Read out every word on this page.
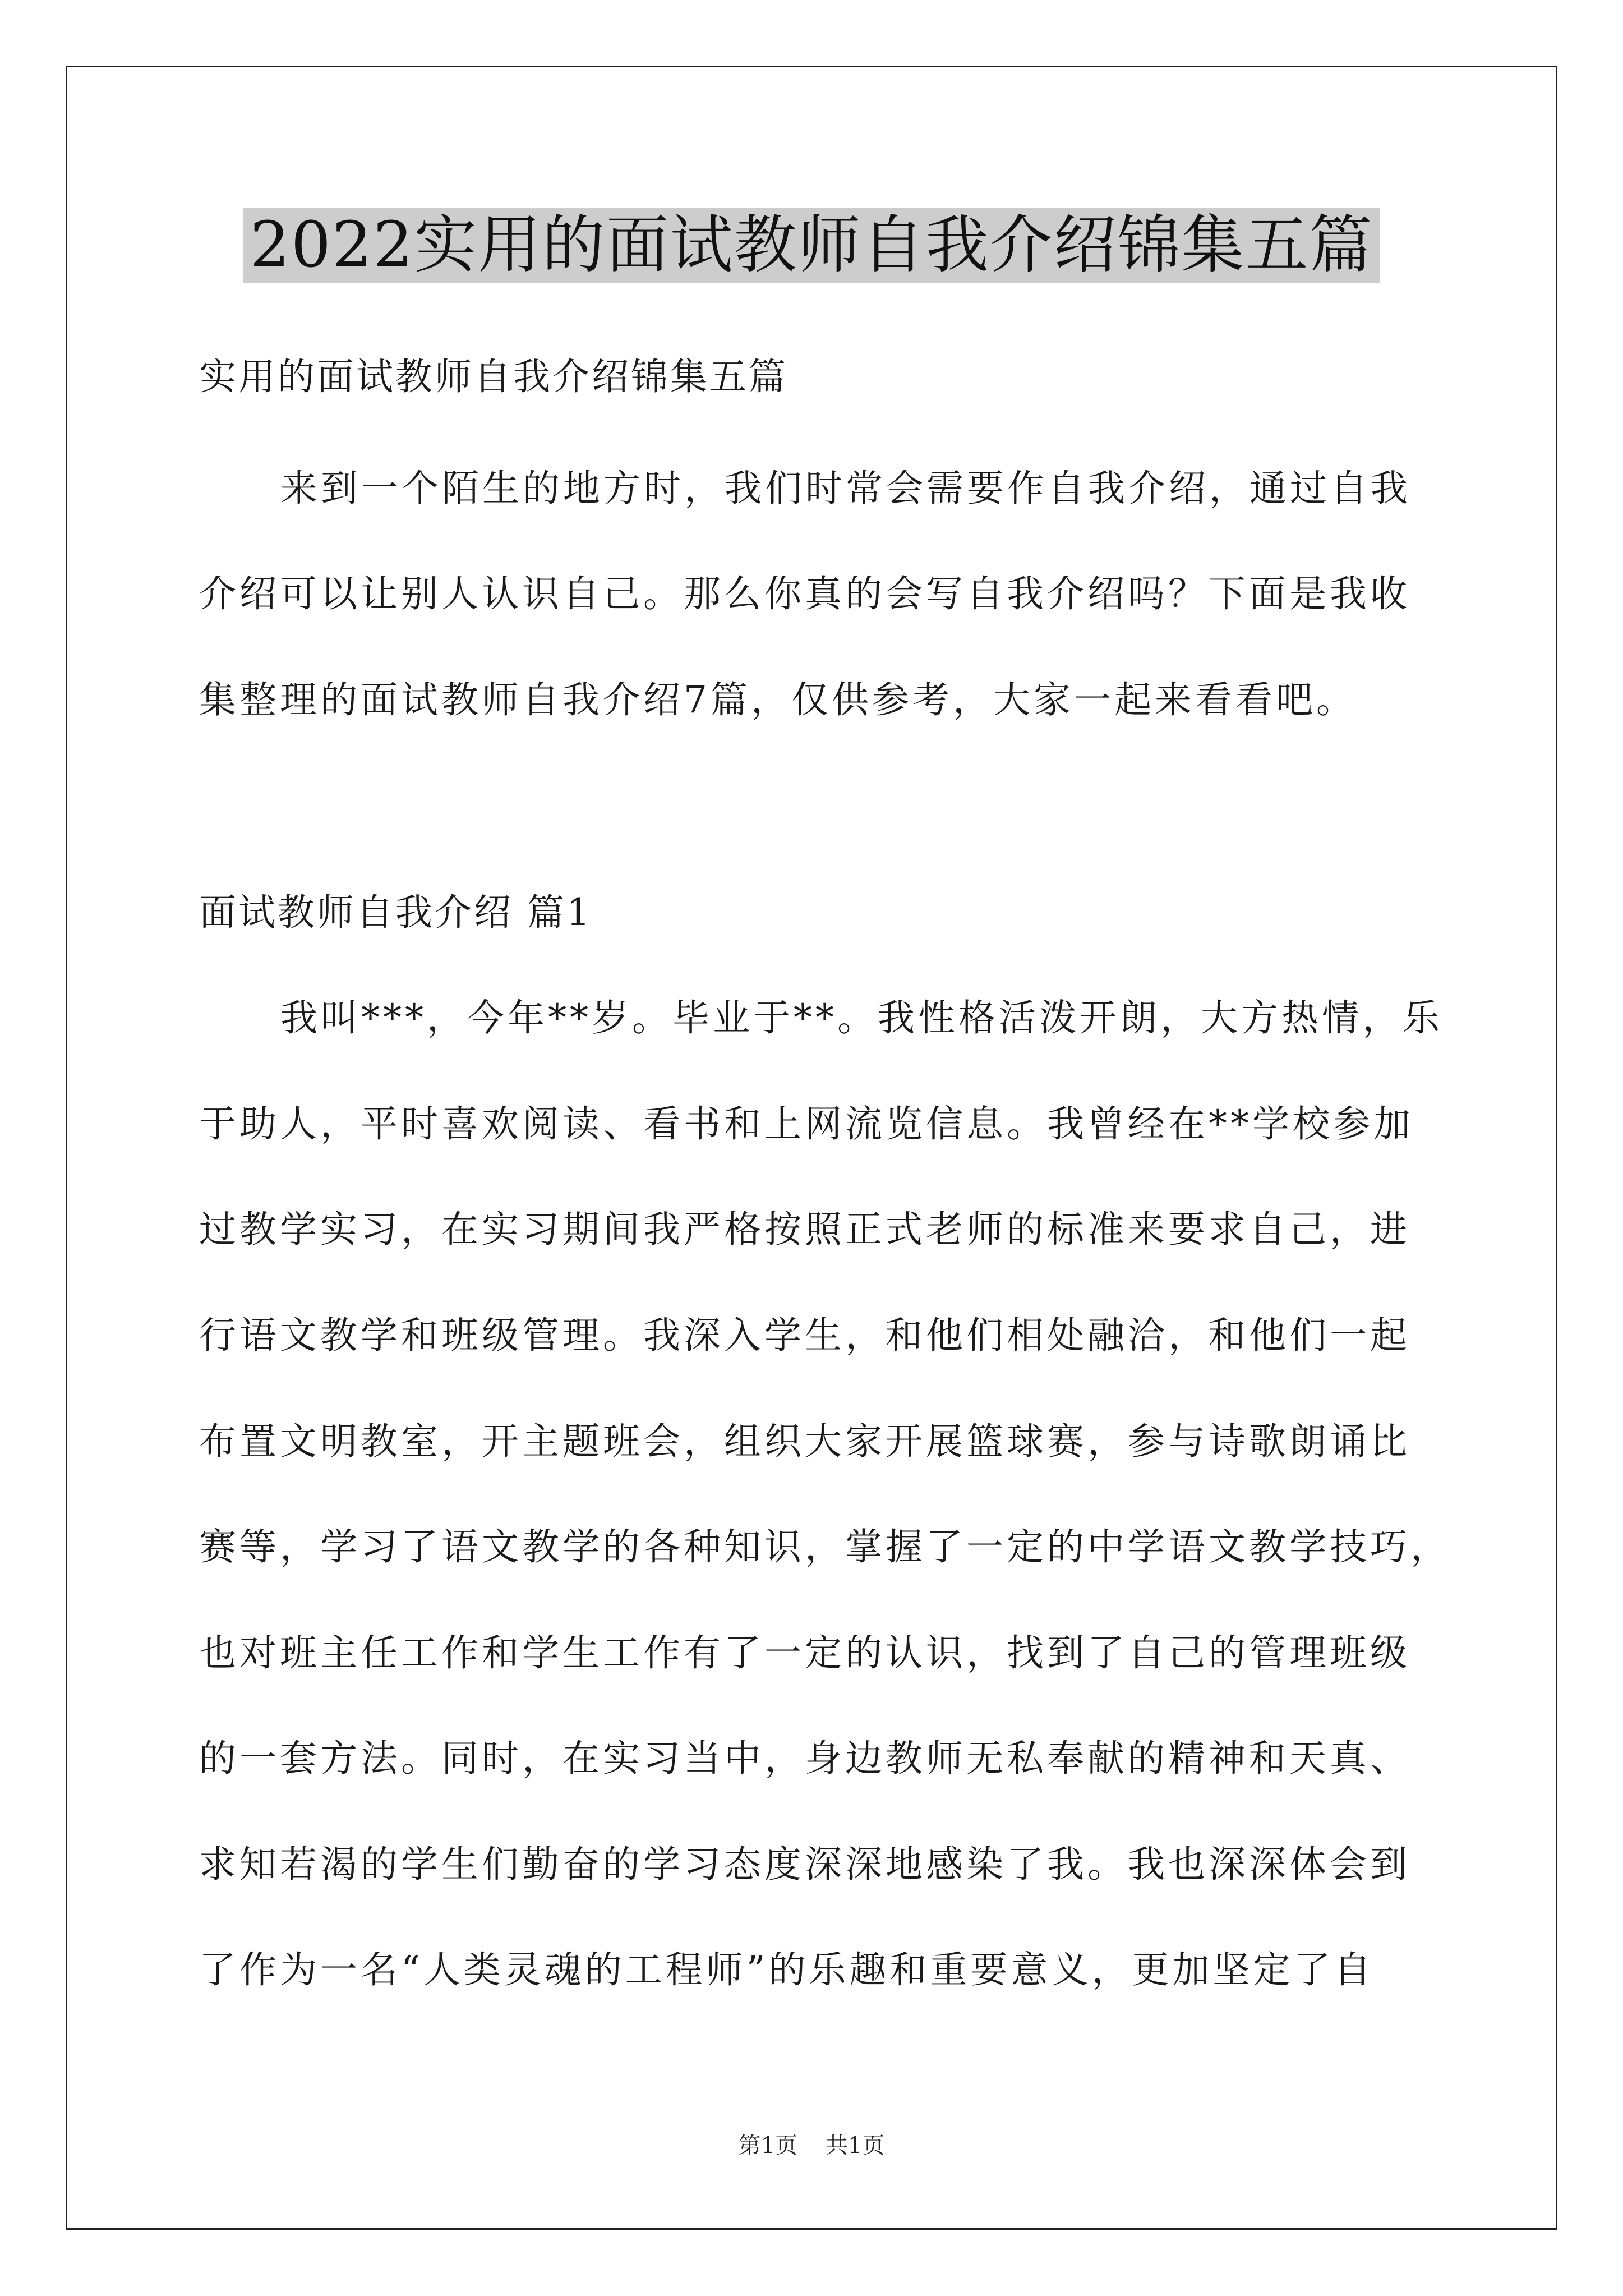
2022实用的面试教师自我介绍锦集五篇
实用的面试教师自我介绍锦集五篇
来到一个陌生的地方时，我们时常会需要作自我介绍，通过自我
介绍可以让别人认识自己。那么你真的会写自我介绍吗？下面是我收
集整理的面试教师自我介绍7篇，仅供参考，大家一起来看看吧。
面试教师自我介绍 篇1
我叫***，今年**岁。毕业于**。我性格活泼开朗，大方热情，乐
于助人，平时喜欢阅读、看书和上网流览信息。我曾经在**学校参加
过教学实习，在实习期间我严格按照正式老师的标准来要求自己，进
行语文教学和班级管理。我深入学生，和他们相处融洽，和他们一起
布置文明教室，开主题班会，组织大家开展篮球赛，参与诗歌朗诵比
赛等，学习了语文教学的各种知识，掌握了一定的中学语文教学技巧，
也对班主任工作和学生工作有了一定的认识，找到了自己的管理班级
的一套方法。同时，在实习当中，身边教师无私奉献的精神和天真、
求知若渴的学生们勤奋的学习态度深深地感染了我。我也深深体会到
了作为一名“人类灵魂的工程师”的乐趣和重要意义，更加坚定了自
第1页 共1页
